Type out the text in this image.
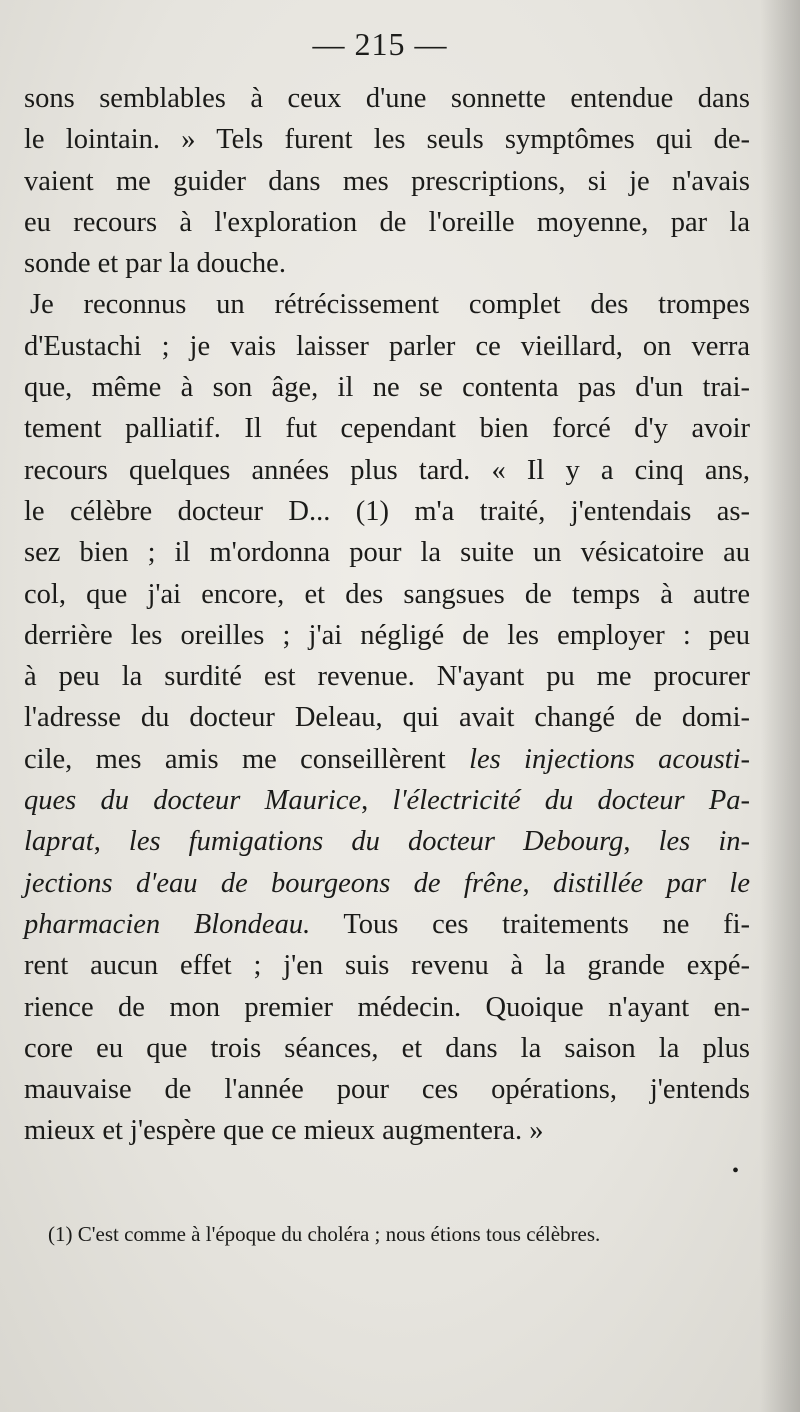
— 215 —
sons semblables à ceux d'une sonnette entendue dans
le lointain. » Tels furent les seuls symptômes qui de-
vaient me guider dans mes prescriptions, si je n'avais
eu recours à l'exploration de l'oreille moyenne, par la
sonde et par la douche.
Je reconnus un rétrécissement complet des trompes
d'Eustachi ; je vais laisser parler ce vieillard, on verra
que, même à son âge, il ne se contenta pas d'un trai-
tement palliatif. Il fut cependant bien forcé d'y avoir
recours quelques années plus tard. « Il y a cinq ans,
le célèbre docteur D... (1) m'a traité, j'entendais as-
sez bien ; il m'ordonna pour la suite un vésicatoire au
col, que j'ai encore, et des sangsues de temps à autre
derrière les oreilles ; j'ai négligé de les employer : peu
à peu la surdité est revenue. N'ayant pu me procurer
l'adresse du docteur Deleau, qui avait changé de domi-
cile, mes amis me conseillèrent les injections acousti-
ques du docteur Maurice, l'électricité du docteur Pa-
laprat, les fumigations du docteur Debourg, les in-
jections d'eau de bourgeons de frêne, distillée par le
pharmacien Blondeau. Tous ces traitements ne fi-
rent aucun effet ; j'en suis revenu à la grande expé-
rience de mon premier médecin. Quoique n'ayant en-
core eu que trois séances, et dans la saison la plus
mauvaise de l'année pour ces opérations, j'entends
mieux et j'espère que ce mieux augmentera. »
•
(1) C'est comme à l'époque du choléra ; nous étions tous célèbres.
